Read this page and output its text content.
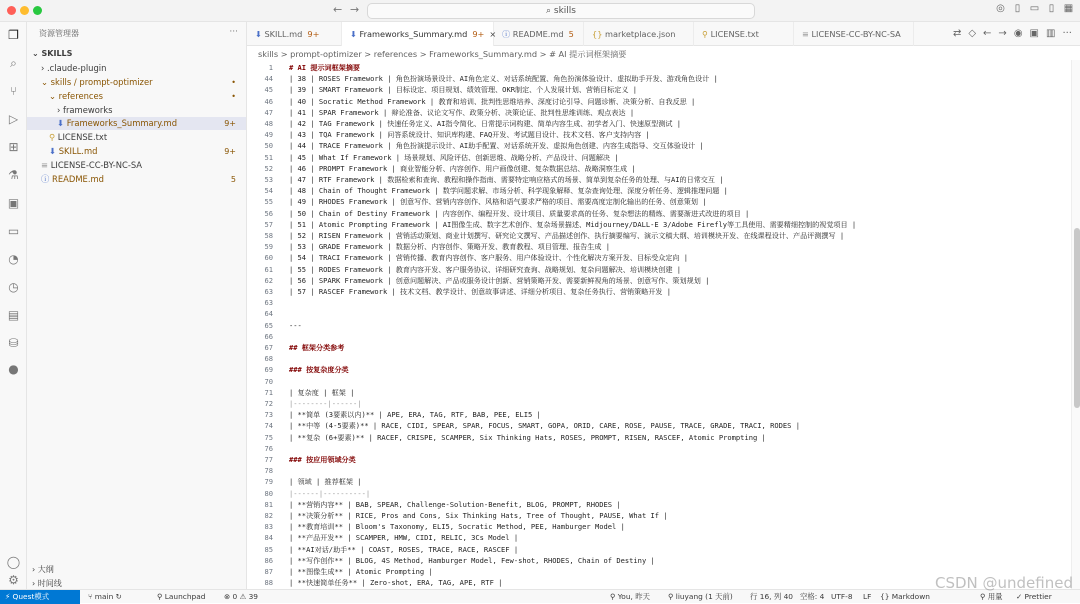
← →	⌕ skills	◎ ▯ ▭ ▯ ▦
❐
⌕
⑂
▷
⊞
⚗
▣
▭
◔
◷
▤
⛁
●
◯
⚙
资源管理器	···
⌄ SKILLS
› .claude-plugin
⌄ skills / prompt-optimizer	•
⌄ references	•
› frameworks
⬇ Frameworks_Summary.md	9+
⚲ LICENSE.txt
⬇ SKILL.md	9+
≡ LICENSE-CC-BY-NC-SA
ⓘ README.md	5
› 大纲
› 时间线
⬇ SKILL.md 9+	⬇ Frameworks_Summary.md 9+ × ⓘ README.md 5	{} marketplace.json	⚲ LICENSE.txt	≡ LICENSE-CC-BY-NC-SA	⇄ ◇ ← → ◉ ▣ ▥ ···
skills > prompt-optimizer > references > Frameworks_Summary.md > # AI 提示词框架摘要
1 # AI 提示词框架摘要
44 | 38 | ROSES Framework | 角色扮演场景设计、AI角色定义、对话系统配置、角色扮演体验设计、虚拟助手开发、游戏角色设计 |
45 | 39 | SMART Framework | 目标设定、项目规划、绩效管理、OKR制定、个人发展计划、营销目标定义 |
46 | 40 | Socratic Method Framework | 教育和培训、批判性思维培养、深度讨论引导、问题诊断、决策分析、自我反思 |
47 | 41 | SPAR Framework | 辩论准备、议论文写作、政策分析、决策论证、批判性思维训练、观点表达 |
48 | 42 | TAG Framework | 快速任务定义、AI指令简化、日常提示词构建、简单内容生成、初学者入门、快速原型测试 |
49 | 43 | TQA Framework | 问答系统设计、知识库构建、FAQ开发、考试题目设计、技术文档、客户支持内容 |
50 | 44 | TRACE Framework | 角色扮演提示设计、AI助手配置、对话系统开发、虚拟角色创建、内容生成指导、交互体验设计 |
51 | 45 | What If Framework | 场景规划、风险评估、创新思维、战略分析、产品设计、问题解决 |
52 | 46 | PROMPT Framework | 商业智能分析、内容创作、用户画像创建、复杂数据总结、战略洞察生成 |
53 | 47 | RTF Framework | 数据检索和查询、教程和操作指南、需要特定响应格式的场景、简单到复杂任务的处理、与AI的日常交互 |
54 | 48 | Chain of Thought Framework | 数学问题求解、市场分析、科学现象解释、复杂查询处理、深度分析任务、逻辑推理问题 |
55 | 49 | RHODES Framework | 创意写作、营销内容创作、风格和语气要求严格的项目、需要高度定制化输出的任务、创意策划 |
56 | 50 | Chain of Destiny Framework | 内容创作、编程开发、设计项目、质量要求高的任务、复杂想法的精炼、需要渐进式改进的项目 |
57 | 51 | Atomic Prompting Framework | AI图像生成、数字艺术创作、复杂场景描述、Midjourney/DALL-E 3/Adobe Firefly等工具使用、需要精细控制的视觉项目 |
58 | 52 | RISEN Framework | 营销活动策划、商业计划撰写、研究论文撰写、产品描述创作、执行摘要编写、演示文稿大纲、培训模块开发、在线课程设计、产品评测撰写 |
59 | 53 | GRADE Framework | 数据分析、内容创作、策略开发、教育教程、项目管理、报告生成 |
60 | 54 | TRACI Framework | 营销传播、教育内容创作、客户服务、用户体验设计、个性化解决方案开发、目标受众定向 |
61 | 55 | RODES Framework | 教育内容开发、客户服务协议、详细研究查询、战略规划、复杂问题解决、培训模块创建 |
62 | 56 | SPARK Framework | 创意问题解决、产品或服务设计创新、营销策略开发、需要新鲜视角的场景、创意写作、策划规划 |
63 | 57 | RASCEF Framework | 技术文档、教学设计、创意故事讲述、详细分析项目、复杂任务执行、营销策略开发 |
63
64
65 ---
66
67 ## 框架分类参考
68
69 ### 按复杂度分类
70
71 | 复杂度 | 框架 |
72 |--------|------|
73 | **简单 (3要素以内)** | APE, ERA, TAG, RTF, BAB, PEE, ELI5 |
74 | **中等 (4-5要素)** | RACE, CIDI, SPEAR, SPAR, FOCUS, SMART, GOPA, ORID, CARE, ROSE, PAUSE, TRACE, GRADE, TRACI, RODES |
75 | **复杂 (6+要素)** | RACEF, CRISPE, SCAMPER, Six Thinking Hats, ROSES, PROMPT, RISEN, RASCEF, Atomic Prompting |
76
77 ### 按应用领域分类
78
79 | 领域 | 推荐框架 |
80 |------|----------|
81 | **营销内容** | BAB, SPEAR, Challenge-Solution-Benefit, BLOG, PROMPT, RHODES |
82 | **决策分析** | RICE, Pros and Cons, Six Thinking Hats, Tree of Thought, PAUSE, What If |
83 | **教育培训** | Bloom's Taxonomy, ELI5, Socratic Method, PEE, Hamburger Model |
84 | **产品开发** | SCAMPER, HMW, CIDI, RELIC, 3Cs Model |
85 | **AI对话/助手** | COAST, ROSES, TRACE, RACE, RASCEF |
86 | **写作创作** | BLOG, 4S Method, Hamburger Model, Few-shot, RHODES, Chain of Destiny |
87 | **图像生成** | Atomic Prompting |
88 | **快速简单任务** | Zero-shot, ERA, TAG, APE, RTF |
⚡ Quest模式	⑂ main ↻	⚲ Launchpad	⊗ 0 ⚠ 39	⚲ You, 昨天 ⚲ liuyang (1 天前) 行 16, 列 40 空格: 4 UTF-8 LF {} Markdown	⚲ 用量 ✓ Prettier
CSDN @undefined
